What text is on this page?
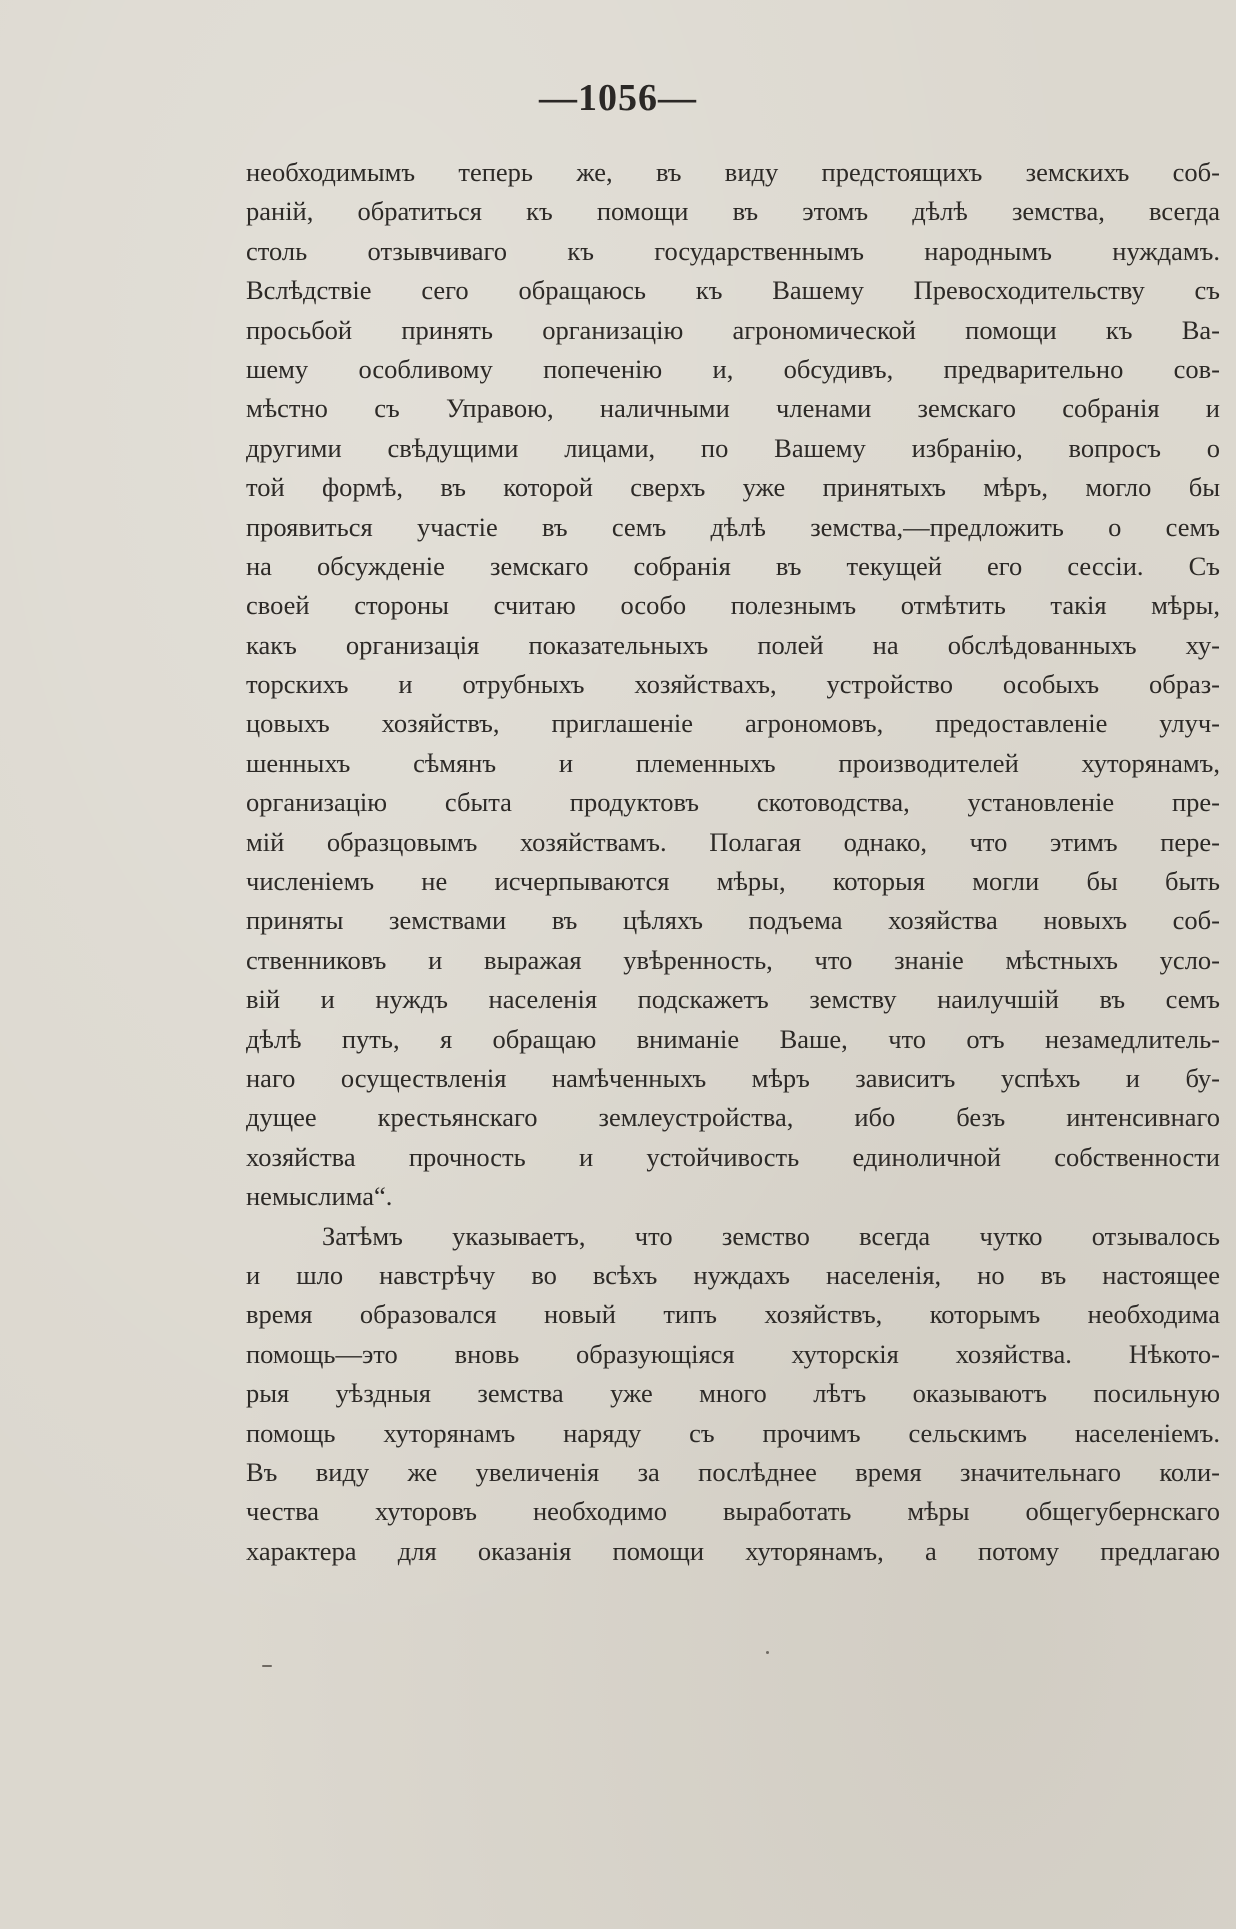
—1056—
необходимымъ теперь же, въ виду предстоящихъ земскихъ соб-
раній, обратиться къ помощи въ этомъ дѣлѣ земства, всегда
столь отзывчиваго къ государственнымъ народнымъ нуждамъ.
Вслѣдствіе сего обращаюсь къ Вашему Превосходительству съ
просьбой принять организацію агрономической помощи къ Ва-
шему особливому попеченію и, обсудивъ, предварительно сов-
мѣстно съ Управою, наличными членами земскаго собранія и
другими свѣдущими лицами, по Вашему избранію, вопросъ о
той формѣ, въ которой сверхъ уже принятыхъ мѣръ, могло бы
проявиться участіе въ семъ дѣлѣ земства,—предложить о семъ
на обсужденіе земскаго собранія въ текущей его сессіи. Съ
своей стороны считаю особо полезнымъ отмѣтить такія мѣры,
какъ организація показательныхъ полей на обслѣдованныхъ ху-
торскихъ и отрубныхъ хозяйствахъ, устройство особыхъ образ-
цовыхъ хозяйствъ, приглашеніе агрономовъ, предоставленіе улуч-
шенныхъ сѣмянъ и племенныхъ производителей хуторянамъ,
организацію сбыта продуктовъ скотоводства, установленіе пре-
мій образцовымъ хозяйствамъ. Полагая однако, что этимъ пере-
численіемъ не исчерпываются мѣры, которыя могли бы быть
приняты земствами въ цѣляхъ подъема хозяйства новыхъ соб-
ственниковъ и выражая увѣренность, что знаніе мѣстныхъ усло-
вій и нуждъ населенія подскажетъ земству наилучшій въ семъ
дѣлѣ путь, я обращаю вниманіе Ваше, что отъ незамедлитель-
наго осуществленія намѣченныхъ мѣръ зависитъ успѣхъ и бу-
дущее крестьянскаго землеустройства, ибо безъ интенсивнаго
хозяйства прочность и устойчивость единоличной собственности
немыслима“.
Затѣмъ указываетъ, что земство всегда чутко отзывалось
и шло навстрѣчу во всѣхъ нуждахъ населенія, но въ настоящее
время образовался новый типъ хозяйствъ, которымъ необходима
помощь—это вновь образующіяся хуторскія хозяйства. Нѣкото-
рыя уѣздныя земства уже много лѣтъ оказываютъ посильную
помощь хуторянамъ наряду съ прочимъ сельскимъ населеніемъ.
Въ виду же увеличенія за послѣднее время значительнаго коли-
чества хуторовъ необходимо выработать мѣры общегубернскаго
характера для оказанія помощи хуторянамъ, а потому предлагаю
